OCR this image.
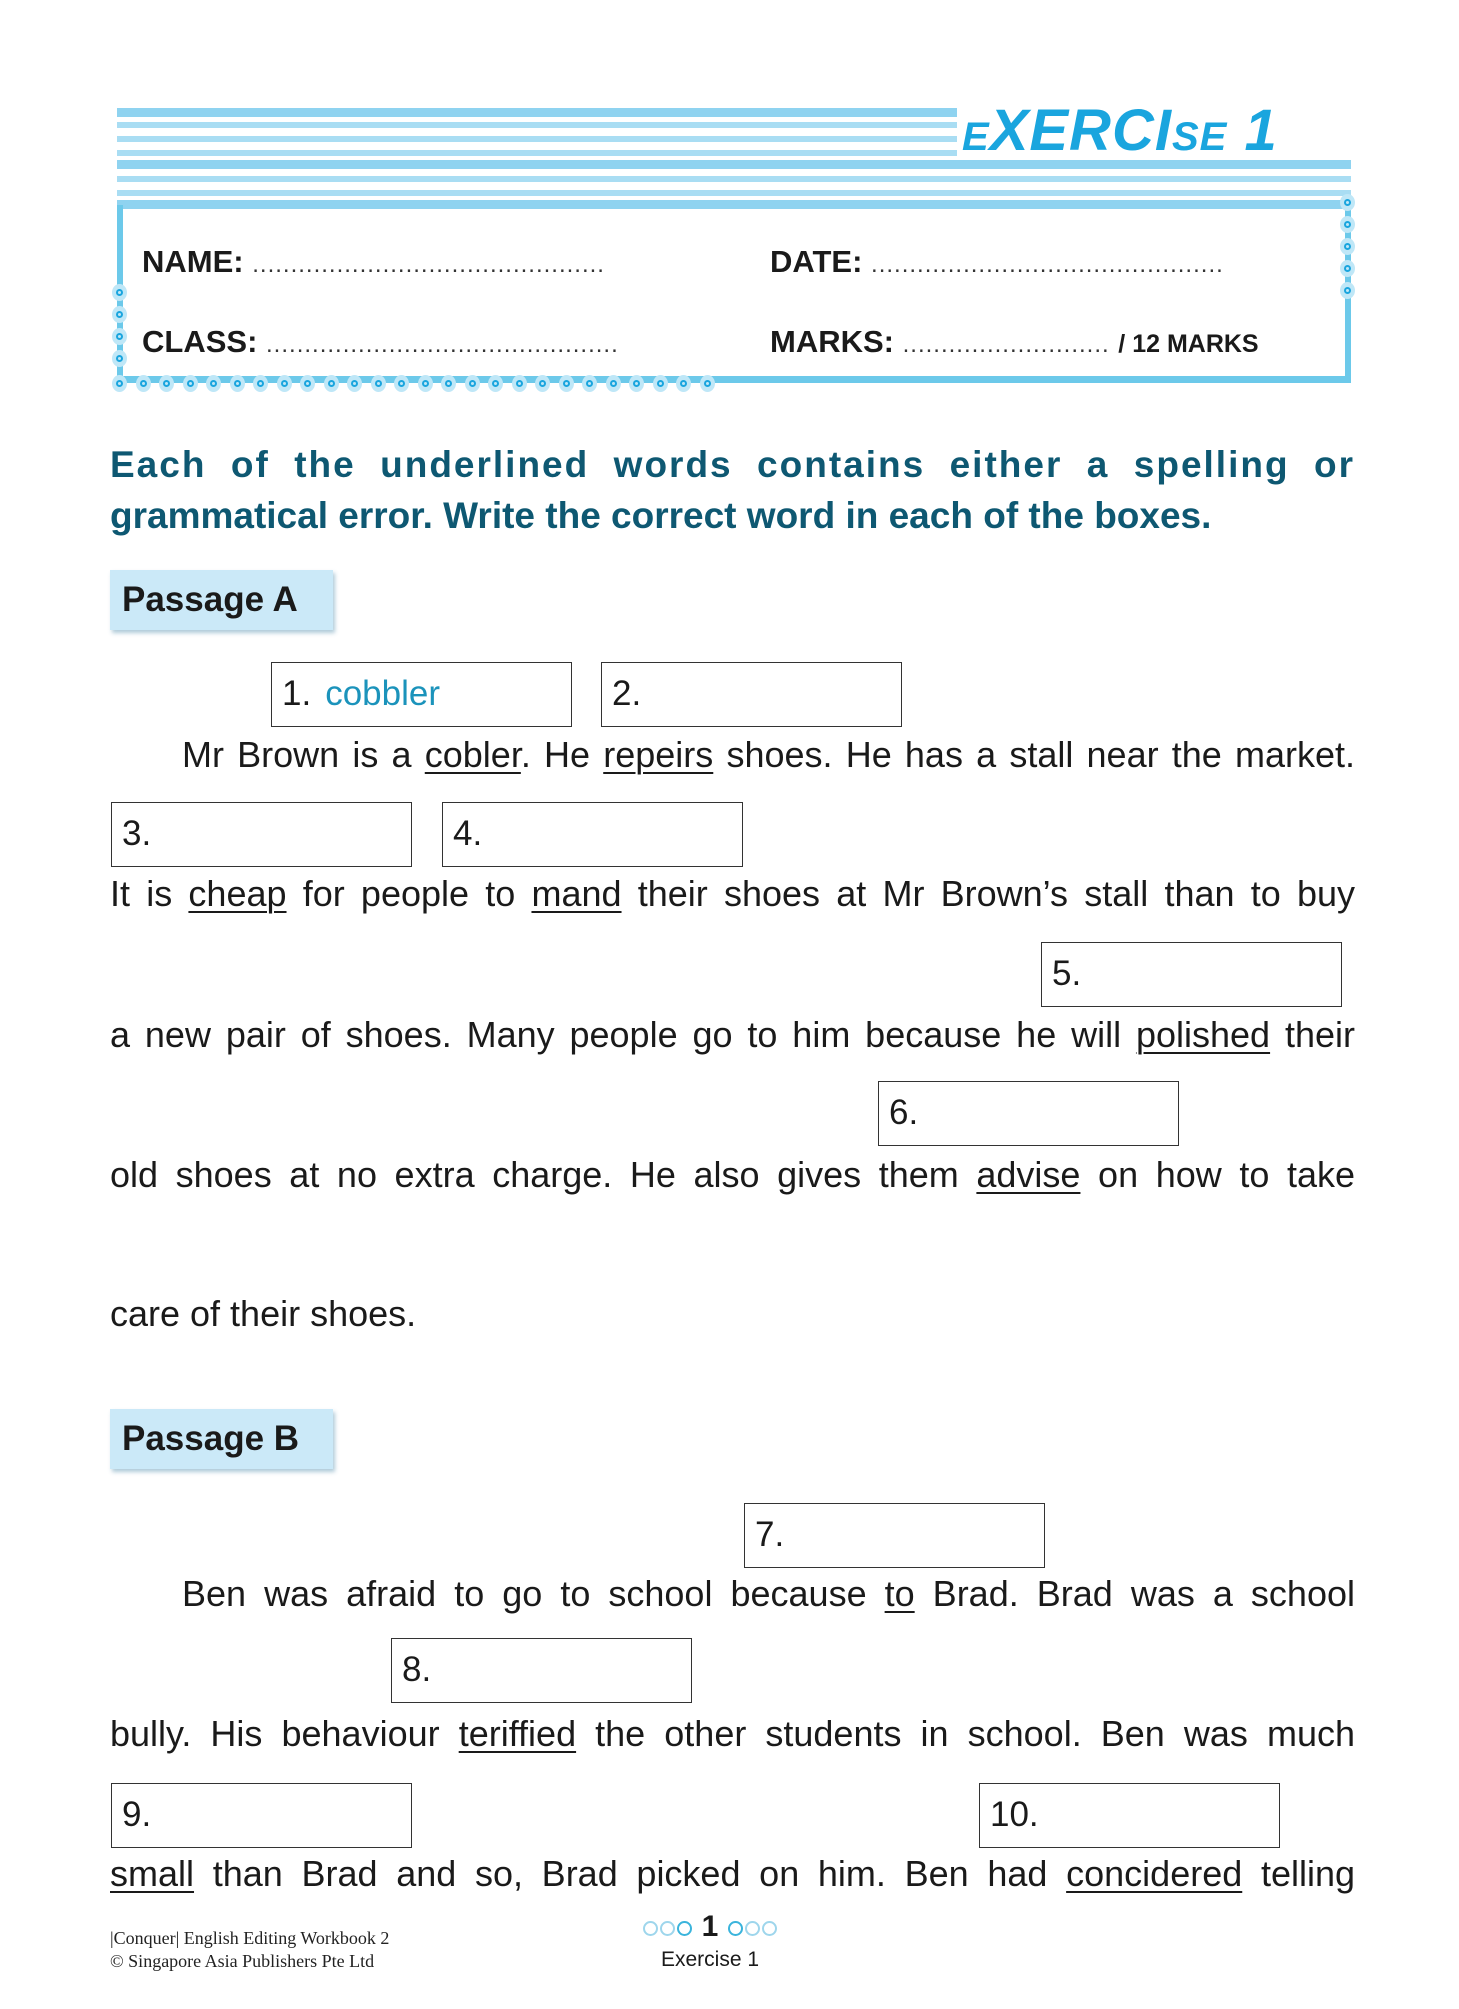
EXERCISE 1
NAME: ..............................................	DATE: ..............................................
CLASS: ..............................................	MARKS: ........................... / 12 MARKS
Each of the underlined words contains either a spelling or
grammatical error. Write the correct word in each of the boxes.
Passage A
1. cobbler	2.
Mr Brown is a cobler. He repeirs shoes. He has a stall near the market.
3.	4.
It is cheap for people to mand their shoes at Mr Brown’s stall than to buy
5.
a new pair of shoes. Many people go to him because he will polished their
6.
old shoes at no extra charge. He also gives them advise on how to take
care of their shoes.
Passage B
7.
Ben was afraid to go to school because to Brad. Brad was a school
8.
bully. His behaviour teriffied the other students in school. Ben was much
9.	10.
small than Brad and so, Brad picked on him. Ben had concidered telling
|Conquer| English Editing Workbook 2
© Singapore Asia Publishers Pte Ltd
1
Exercise 1
